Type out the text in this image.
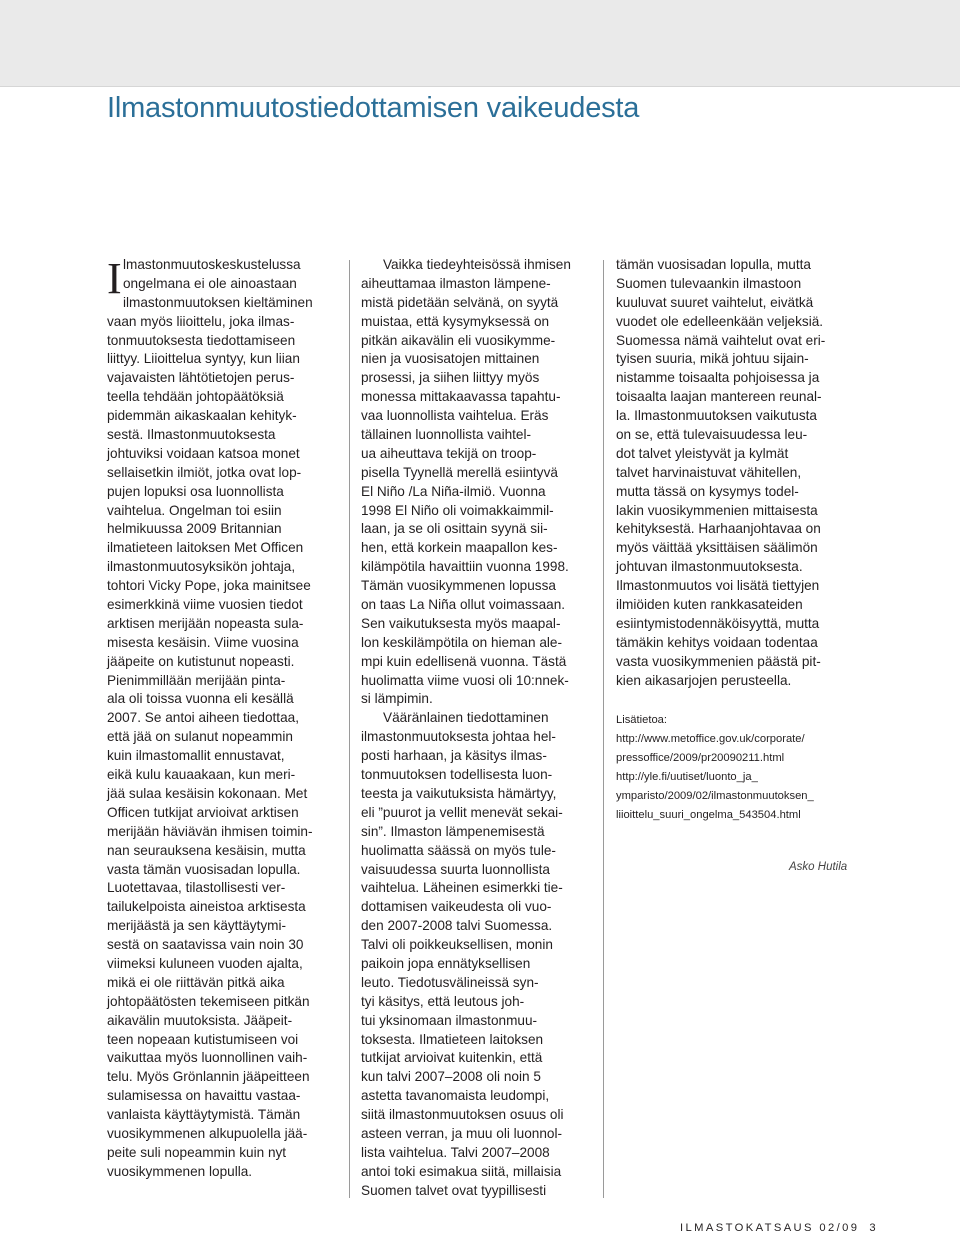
Ilmastonmuutostiedottamisen vaikeudesta
I lmastonmuutoskeskustelussa
ongelmana ei ole ainoastaan
ilmastonmuutoksen kieltäminen
vaan myös liioittelu, joka ilmas-
tonmuutoksesta tiedottamiseen
liittyy. Liioittelua syntyy, kun liian
vajavaisten lähtötietojen perus-
teella tehdään johtopäätöksiä
pidemmän aikaskaalan kehityk-
sestä. Ilmastonmuutoksesta
johtuviksi voidaan katsoa monet
sellaisetkin ilmiöt, jotka ovat lop-
pujen lopuksi osa luonnollista
vaihtelua. Ongelman toi esiin
helmikuussa 2009 Britannian
ilmatieteen laitoksen Met Officen
ilmastonmuutosyksikön johtaja,
tohtori Vicky Pope, joka mainitsee
esimerkkinä viime vuosien tiedot
arktisen merijään nopeasta sula-
misesta kesäisin. Viime vuosina
jääpeite on kutistunut nopeasti.
Pienimmillään merijään pinta-
ala oli toissa vuonna eli kesällä
2007. Se antoi aiheen tiedottaa,
että jää on sulanut nopeammin
kuin ilmastomallit ennustavat,
eikä kulu kauaakaan, kun meri-
jää sulaa kesäisin kokonaan. Met
Officen tutkijat arvioivat arktisen
merijään häviävän ihmisen toimin-
nan seurauksena kesäisin, mutta
vasta tämän vuosisadan lopulla.
Luotettavaa, tilastollisesti ver-
tailukelpoista aineistoa arktisesta
merijäästä ja sen käyttäytymi-
sestä on saatavissa vain noin 30
viimeksi kuluneen vuoden ajalta,
mikä ei ole riittävän pitkä aika
johtopäätösten tekemiseen pitkän
aikavälin muutoksista. Jääpeit-
teen nopeaan kutistumiseen voi
vaikuttaa myös luonnollinen vaih-
telu. Myös Grönlannin jääpeitteen
sulamisessa on havaittu vastaa-
vanlaista käyttäytymistä. Tämän
vuosikymmenen alkupuolella jää-
peite suli nopeammin kuin nyt
vuosikymmenen lopulla.
Vaikka tiedeyhteisössä ihmisen
aiheuttamaa ilmaston lämpene-
mistä pidetään selvänä, on syytä
muistaa, että kysymyksessä on
pitkän aikavälin eli vuosikymme-
nien ja vuosisatojen mittainen
prosessi, ja siihen liittyy myös
monessa mittakaavassa tapahtu-
vaa luonnollista vaihtelua. Eräs
tällainen luonnollista vaihtel-
ua aiheuttava tekijä on troop-
pisella Tyynellä merellä esiintyvä
El Niño /La Niña-ilmiö. Vuonna
1998 El Niño oli voimakkaimmil-
laan, ja se oli osittain syynä sii-
hen, että korkein maapallon kes-
kilämpötila havaittiin vuonna 1998.
Tämän vuosikymmenen lopussa
on taas La Niña ollut voimassaan.
Sen vaikutuksesta myös maapal-
lon keskilämpötila on hieman ale-
mpi kuin edellisenä vuonna. Tästä
huolimatta viime vuosi oli 10:nnek-
si lämpimin.
Vääränlainen tiedottaminen
ilmastonmuutoksesta johtaa hel-
posti harhaan, ja käsitys ilmas-
tonmuutoksen todellisesta luon-
teesta ja vaikutuksista hämärtyy,
eli ”puurot ja vellit menevät sekai-
sin”. Ilmaston lämpenemisestä
huolimatta säässä on myös tule-
vaisuudessa suurta luonnollista
vaihtelua. Läheinen esimerkki tie-
dottamisen vaikeudesta oli vuo-
den 2007-2008 talvi Suomessa.
Talvi oli poikkeuksellisen, monin
paikoin jopa ennätyksellisen
leuto. Tiedotusvälineissä syn-
tyi käsitys, että leutous joh-
tui yksinomaan ilmastonmuu-
toksesta. Ilmatieteen laitoksen
tutkijat arvioivat kuitenkin, että
kun talvi 2007–2008 oli noin 5
astetta tavanomaista leudompi,
siitä ilmastonmuutoksen osuus oli
asteen verran, ja muu oli luonnol-
lista vaihtelua. Talvi 2007–2008
antoi toki esimakua siitä, millaisia
Suomen talvet ovat tyypillisesti
tämän vuosisadan lopulla, mutta
Suomen tulevaankin ilmastoon
kuuluvat suuret vaihtelut, eivätkä
vuodet ole edelleenkään veljeksiä.
Suomessa nämä vaihtelut ovat eri-
tyisen suuria, mikä johtuu sijain-
nistamme toisaalta pohjoisessa ja
toisaalta laajan mantereen reunal-
la. Ilmastonmuutoksen vaikutusta
on se, että tulevaisuudessa leu-
dot talvet yleistyvät ja kylmät
talvet harvinaistuvat vähitellen,
mutta tässä on kysymys todel-
lakin vuosikymmenien mittaisesta
kehityksestä. Harhaanjohtavaa on
myös väittää yksittäisen säälimön
johtuvan ilmastonmuutoksesta.
Ilmastonmuutos voi lisätä tiettyjen
ilmiöiden kuten rankkasateiden
esiintymistodennäköisyyttä, mutta
tämäkin kehitys voidaan todentaa
vasta vuosikymmenien päästä pit-
kien aikasarjojen perusteella.
Lisätietoa:
http://www.metoffice.gov.uk/corporate/
pressoffice/2009/pr20090211.html
http://yle.fi/uutiset/luonto_ja_
ymparisto/2009/02/ilmastonmuutoksen_
liioittelu_suuri_ongelma_543504.html
Asko Hutila
ILMASTOKATSAUS 02/09 3
